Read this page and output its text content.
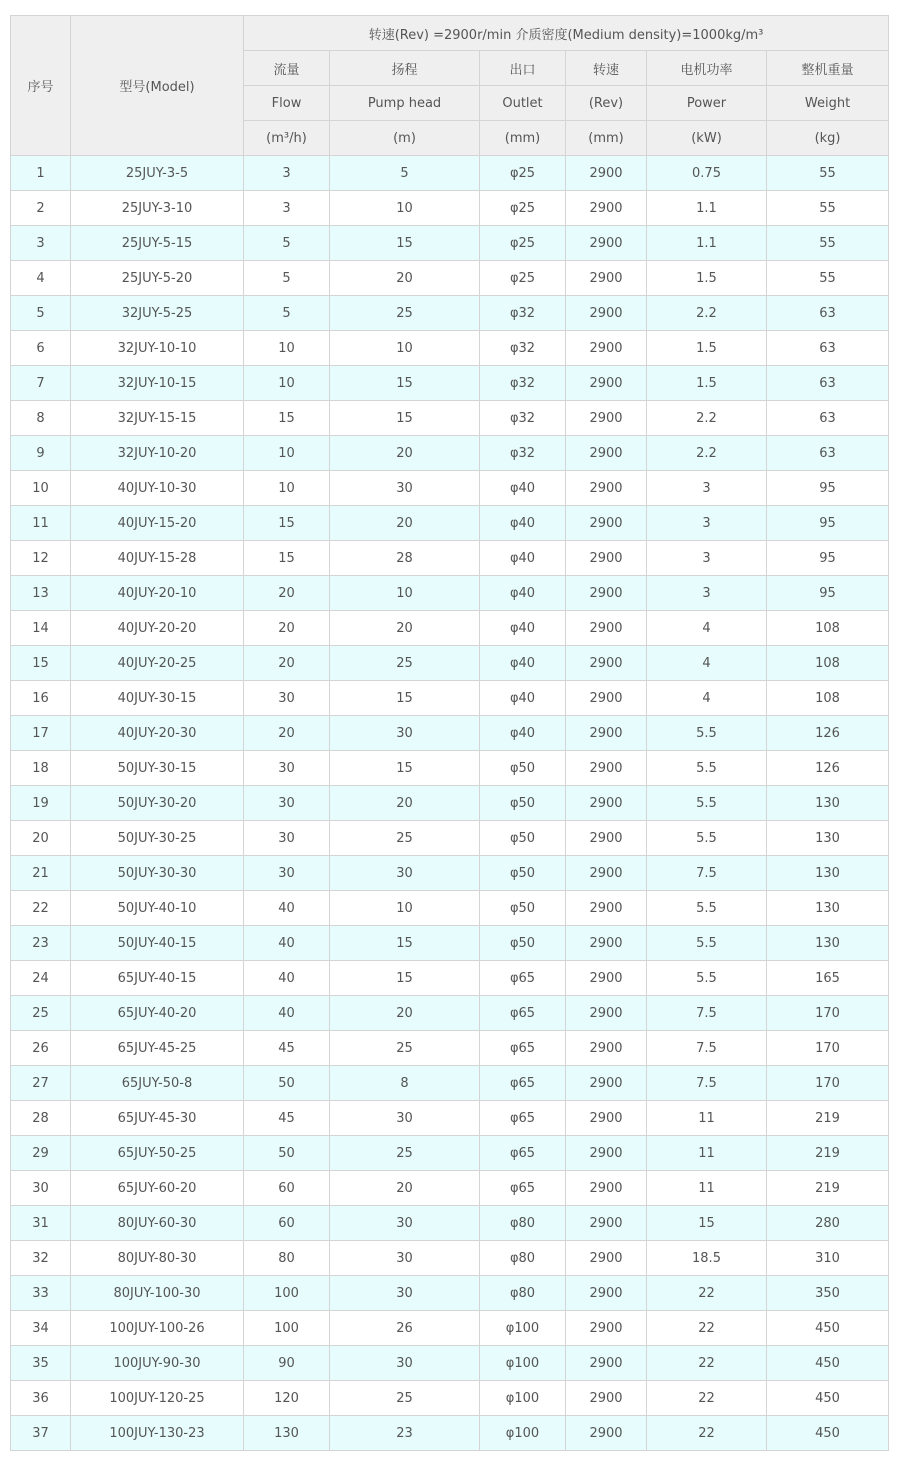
序号	型号(Model)	转速(Rev) =2900r/min 介质密度(Medium density)=1000kg/m³					
		流量	扬程	出口	转速	电机功率	整机重量
		Flow	Pump head	Outlet	(Rev)	Power	Weight
		(m³/h)	(m)	(mm)	(mm)	(kW)	(kg)
1	25JUY-3-5	3	5	φ25	2900	0.75	55
2	25JUY-3-10	3	10	φ25	2900	1.1	55
3	25JUY-5-15	5	15	φ25	2900	1.1	55
4	25JUY-5-20	5	20	φ25	2900	1.5	55
5	32JUY-5-25	5	25	φ32	2900	2.2	63
6	32JUY-10-10	10	10	φ32	2900	1.5	63
7	32JUY-10-15	10	15	φ32	2900	1.5	63
8	32JUY-15-15	15	15	φ32	2900	2.2	63
9	32JUY-10-20	10	20	φ32	2900	2.2	63
10	40JUY-10-30	10	30	φ40	2900	3	95
11	40JUY-15-20	15	20	φ40	2900	3	95
12	40JUY-15-28	15	28	φ40	2900	3	95
13	40JUY-20-10	20	10	φ40	2900	3	95
14	40JUY-20-20	20	20	φ40	2900	4	108
15	40JUY-20-25	20	25	φ40	2900	4	108
16	40JUY-30-15	30	15	φ40	2900	4	108
17	40JUY-20-30	20	30	φ40	2900	5.5	126
18	50JUY-30-15	30	15	φ50	2900	5.5	126
19	50JUY-30-20	30	20	φ50	2900	5.5	130
20	50JUY-30-25	30	25	φ50	2900	5.5	130
21	50JUY-30-30	30	30	φ50	2900	7.5	130
22	50JUY-40-10	40	10	φ50	2900	5.5	130
23	50JUY-40-15	40	15	φ50	2900	5.5	130
24	65JUY-40-15	40	15	φ65	2900	5.5	165
25	65JUY-40-20	40	20	φ65	2900	7.5	170
26	65JUY-45-25	45	25	φ65	2900	7.5	170
27	65JUY-50-8	50	8	φ65	2900	7.5	170
28	65JUY-45-30	45	30	φ65	2900	11	219
29	65JUY-50-25	50	25	φ65	2900	11	219
30	65JUY-60-20	60	20	φ65	2900	11	219
31	80JUY-60-30	60	30	φ80	2900	15	280
32	80JUY-80-30	80	30	φ80	2900	18.5	310
33	80JUY-100-30	100	30	φ80	2900	22	350
34	100JUY-100-26	100	26	φ100	2900	22	450
35	100JUY-90-30	90	30	φ100	2900	22	450
36	100JUY-120-25	120	25	φ100	2900	22	450
37	100JUY-130-23	130	23	φ100	2900	22	450
